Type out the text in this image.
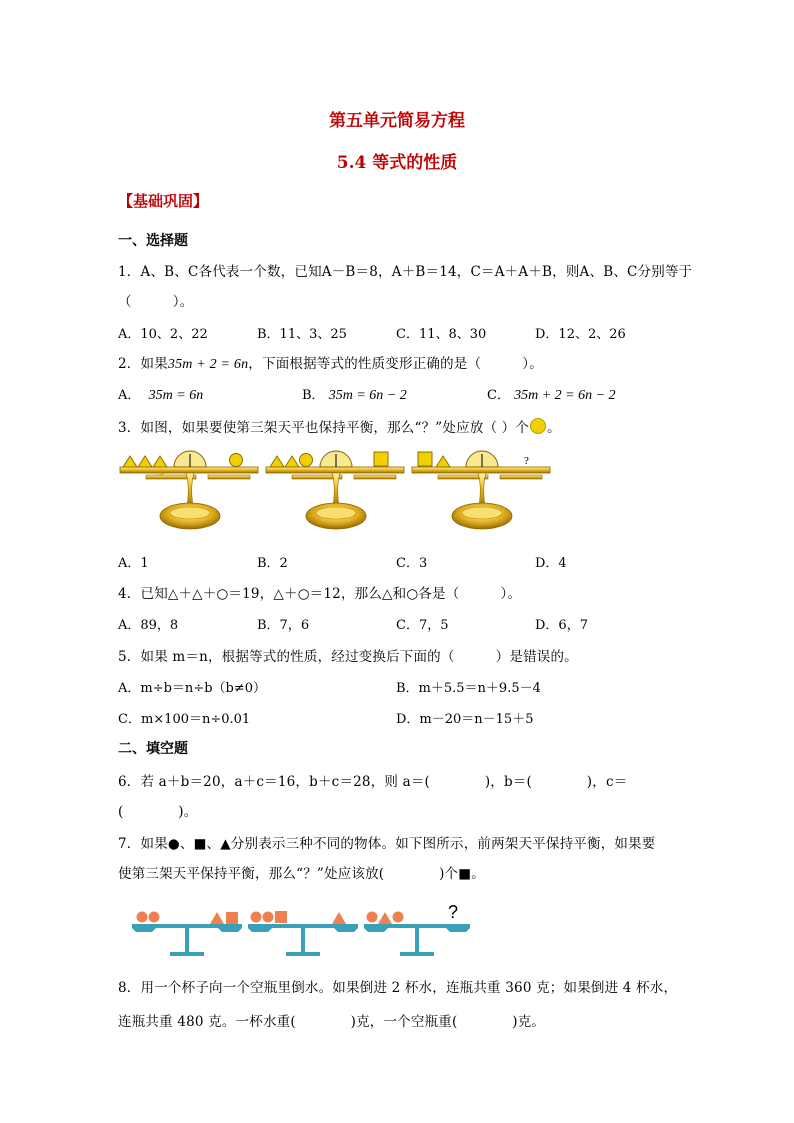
第五单元简易方程
5.4 等式的性质
【基础巩固】
一、选择题
1．A、B、C各代表一个数，已知A－B＝8，A＋B＝14，C＝A＋A＋B，则A、B、C分别等于
（　　　）。
A．10、2、22	B．11、3、25	C．11、8、30	D．12、2、26
2．如果35m + 2 = 6n，下面根据等式的性质变形正确的是（　　　）。
A． 35m = 6n	B． 35m = 6n − 2	C． 35m + 2 = 6n − 2
3．如图，如果要使第三架天平也保持平衡，那么“？”处应放（ ）个 。
?
A．1	B．2	C．3	D．4
4．已知△＋△＋○＝19，△＋○＝12，那么△和○各是（　　　）。
A．89，8	B．7，6	C．7，5	D．6，7
5．如果 m＝n，根据等式的性质，经过变换后下面的（　　　）是错误的。
A．m÷b＝n÷b（b≠0）	B．m＋5.5＝n＋9.5－4
C．m×100＝n÷0.01	D．m－20＝n－15＋5
二、填空题
6．若 a＋b＝20，a＋c＝16，b＋c＝28，则 a＝(　　　　)，b＝(　　　　)，c＝
(　　　　)。
7．如果●、■、▲分别表示三种不同的物体。如下图所示，前两架天平保持平衡，如果要
使第三架天平保持平衡，那么“？”处应该放(　　　　)个■。
?
8．用一个杯子向一个空瓶里倒水。如果倒进 2 杯水，连瓶共重 360 克；如果倒进 4 杯水，
连瓶共重 480 克。一杯水重(　　　　)克，一个空瓶重(　　　　)克。
